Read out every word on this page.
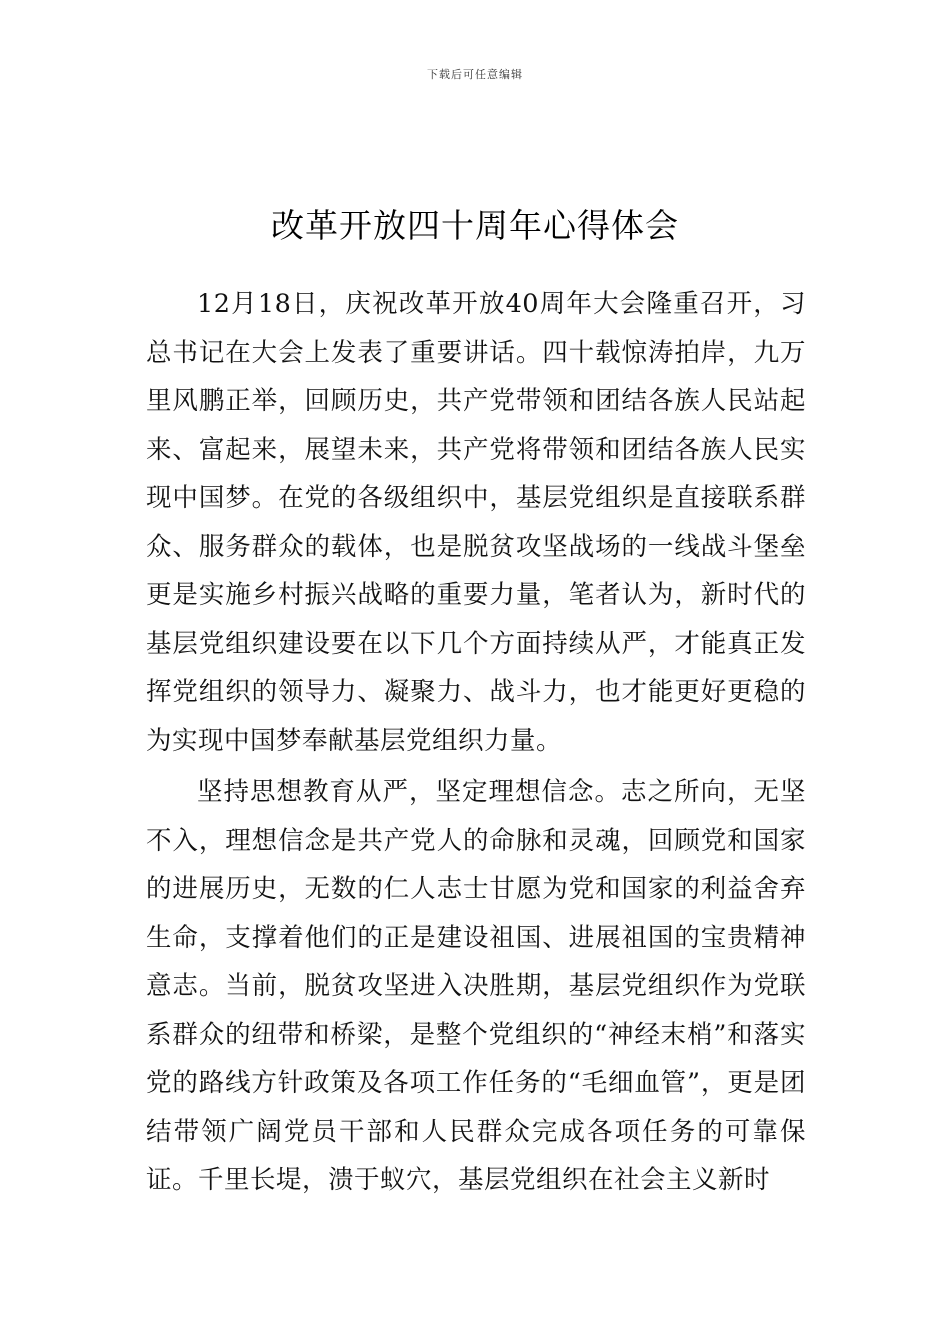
下载后可任意编辑
改革开放四十周年心得体会

12月18日，庆祝改革开放40周年大会隆重召开，习总书记在大会上发表了重要讲话。四十载惊涛拍岸，九万里风鹏正举，回顾历史，共产党带领和团结各族人民站起来、富起来，展望未来，共产党将带领和团结各族人民实现中国梦。在党的各级组织中，基层党组织是直接联系群众、服务群众的载体，也是脱贫攻坚战场的一线战斗堡垒更是实施乡村振兴战略的重要力量，笔者认为，新时代的基层党组织建设要在以下几个方面持续从严，才能真正发挥党组织的领导力、凝聚力、战斗力，也才能更好更稳的为实现中国梦奉献基层党组织力量。

坚持思想教育从严，坚定理想信念。志之所向，无坚不入，理想信念是共产党人的命脉和灵魂，回顾党和国家的进展历史，无数的仁人志士甘愿为党和国家的利益舍弃生命，支撑着他们的正是建设祖国、进展祖国的宝贵精神意志。当前，脱贫攻坚进入决胜期，基层党组织作为党联系群众的纽带和桥梁，是整个党组织的“神经末梢”和落实党的路线方针政策及各项工作任务的“毛细血管”，更是团结带领广阔党员干部和人民群众完成各项任务的可靠保证。千里长堤，溃于蚁穴，基层党组织在社会主义新时
